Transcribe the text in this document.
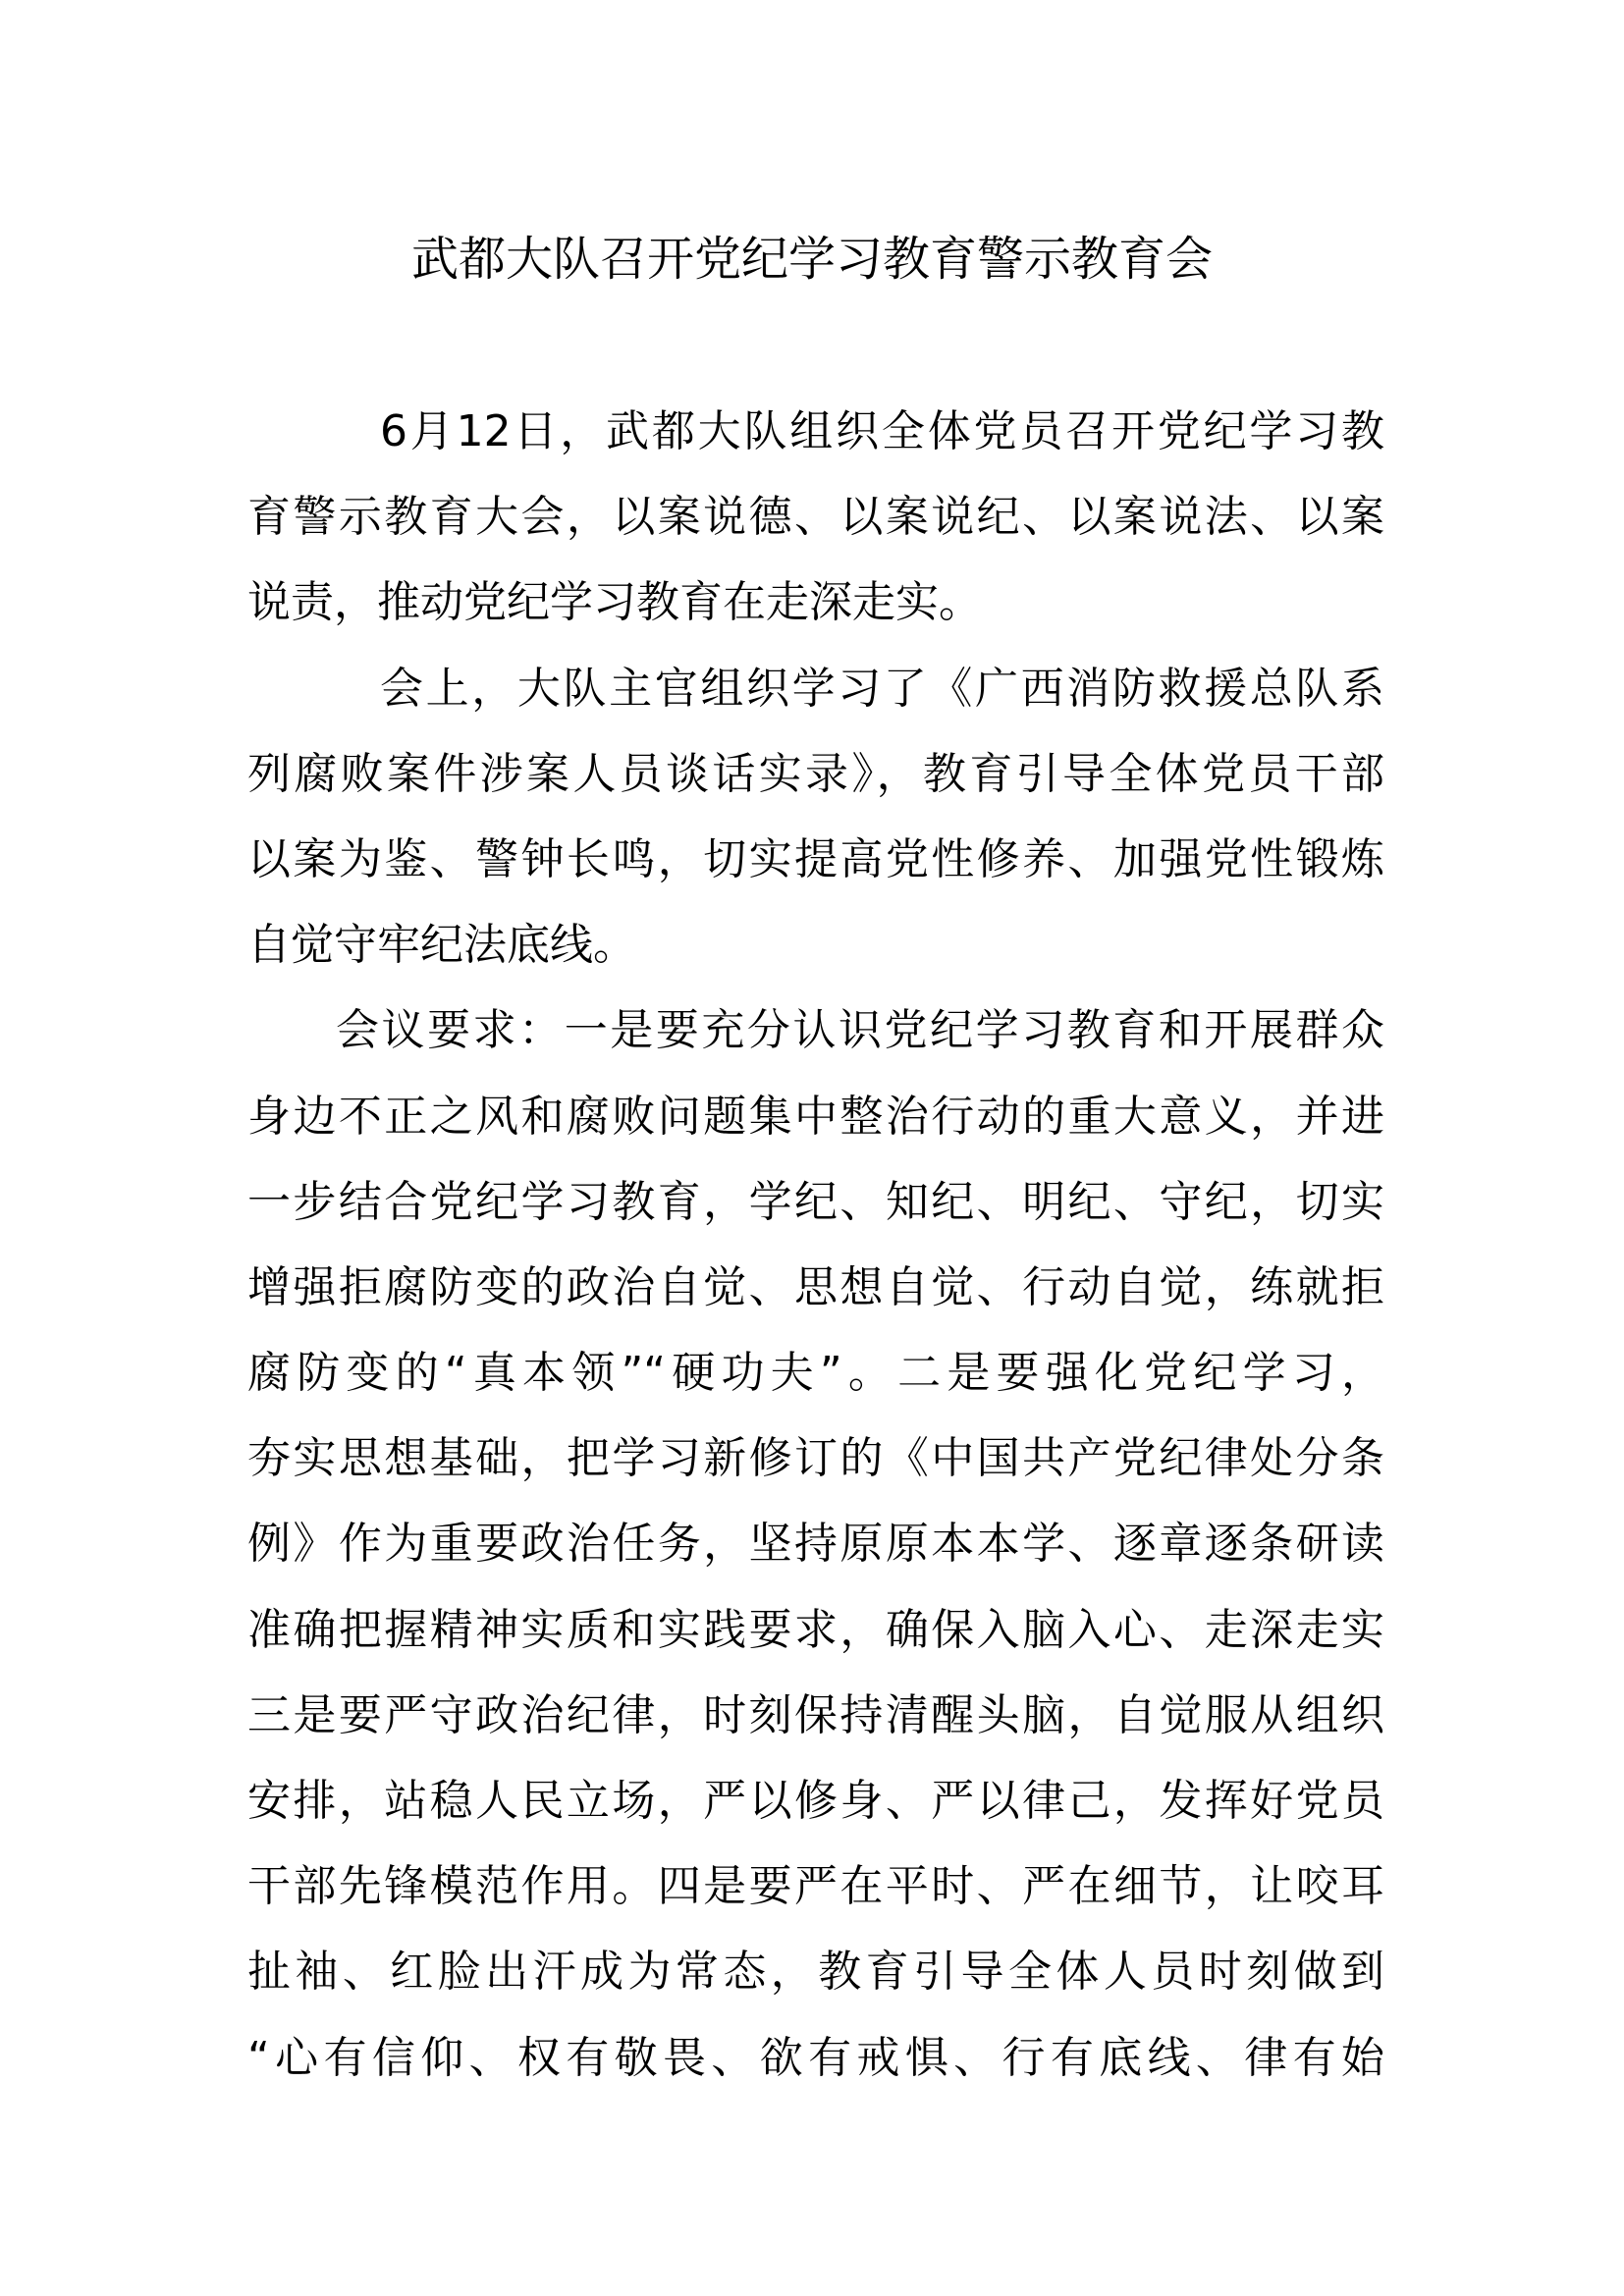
武都大队召开党纪学习教育警示教育会
6月12日，武都大队组织全体党员召开党纪学习教
育警示教育大会，以案说德、以案说纪、以案说法、以案
说责，推动党纪学习教育在走深走实。
会上，大队主官组织学习了《广西消防救援总队系
列腐败案件涉案人员谈话实录》，教育引导全体党员干部
以案为鉴、警钟长鸣，切实提高党性修养、加强党性锻炼
自觉守牢纪法底线。
会议要求：一是要充分认识党纪学习教育和开展群众
身边不正之风和腐败问题集中整治行动的重大意义，并进
一步结合党纪学习教育，学纪、知纪、明纪、守纪，切实
增强拒腐防变的政治自觉、思想自觉、行动自觉，练就拒
腐防变的“真本领”“硬功夫”。二是要强化党纪学习，
夯实思想基础，把学习新修订的《中国共产党纪律处分条
例》作为重要政治任务，坚持原原本本学、逐章逐条研读
准确把握精神实质和实践要求，确保入脑入心、走深走实
三是要严守政治纪律，时刻保持清醒头脑，自觉服从组织
安排，站稳人民立场，严以修身、严以律己，发挥好党员
干部先锋模范作用。四是要严在平时、严在细节，让咬耳
扯袖、红脸出汗成为常态，教育引导全体人员时刻做到
“心有信仰、权有敬畏、欲有戒惧、行有底线、律有始
